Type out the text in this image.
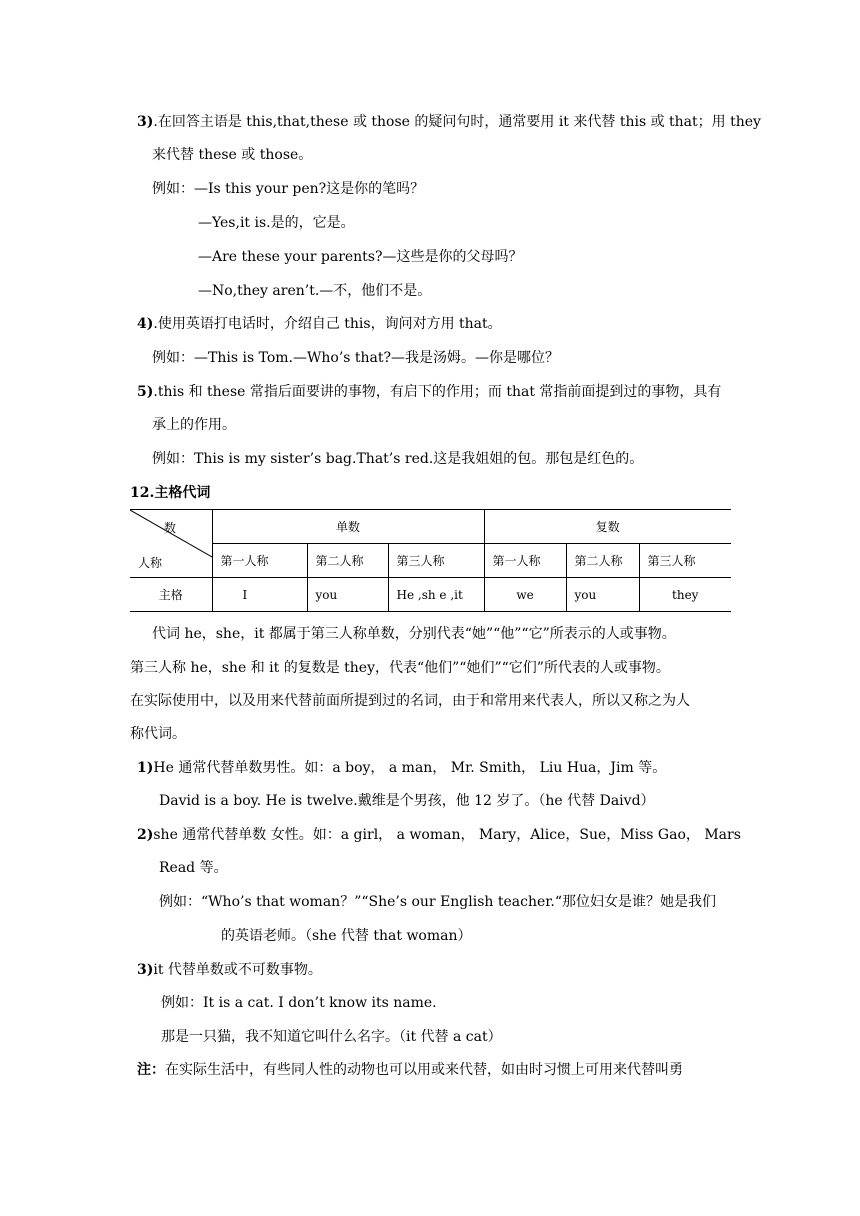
3).在回答主语是 this,that,these 或 those 的疑问句时，通常要用 it 来代替 this 或 that；用 they
来代替 these 或 those。
例如：—Is this your pen?这是你的笔吗？
—Yes,it is.是的，它是。
—Are these your parents?—这些是你的父母吗？
—No,they aren’t.—不，他们不是。
4).使用英语打电话时，介绍自己 this，询问对方用 that。
例如：—This is Tom.—Who’s that?—我是汤姆。—你是哪位？
5).this 和 these 常指后面要讲的事物，有启下的作用；而 that 常指前面提到过的事物，具有
承上的作用。
例如：This is my sister’s bag.That’s red.这是我姐姐的包。那包是红色的。
12.主格代词
数
人称	单数			复数		
	第一人称	第二人称	第三人称	第一人称	第二人称	第三人称
主格	I	you	He ,sh e ,it	we	you	they
代词 he，she，it 都属于第三人称单数，分别代表“她”“他”“它”所表示的人或事物。
第三人称 he，she 和 it 的复数是 they，代表“他们”“她们”“它们”所代表的人或事物。
在实际使用中，以及用来代替前面所提到过的名词，由于和常用来代表人，所以又称之为人
称代词。
1)He 通常代替单数男性。如：a boy， a man， Mr. Smith， Liu Hua，Jim 等。
David is a boy. He is twelve.戴维是个男孩，他 12 岁了。（he 代替 Daivd）
2)she 通常代替单数 女性。如：a girl， a woman， Mary，Alice，Sue，Miss Gao， Mars
Read 等。
例如：“Who’s that woman？”“She’s our English teacher.“那位妇女是谁？她是我们
的英语老师。（she 代替 that woman）
3)it 代替单数或不可数事物。
例如：It is a cat. I don’t know its name.
那是一只猫，我不知道它叫什么名字。（it 代替 a cat）
注：在实际生活中，有些同人性的动物也可以用或来代替，如由时习惯上可用来代替叫勇
